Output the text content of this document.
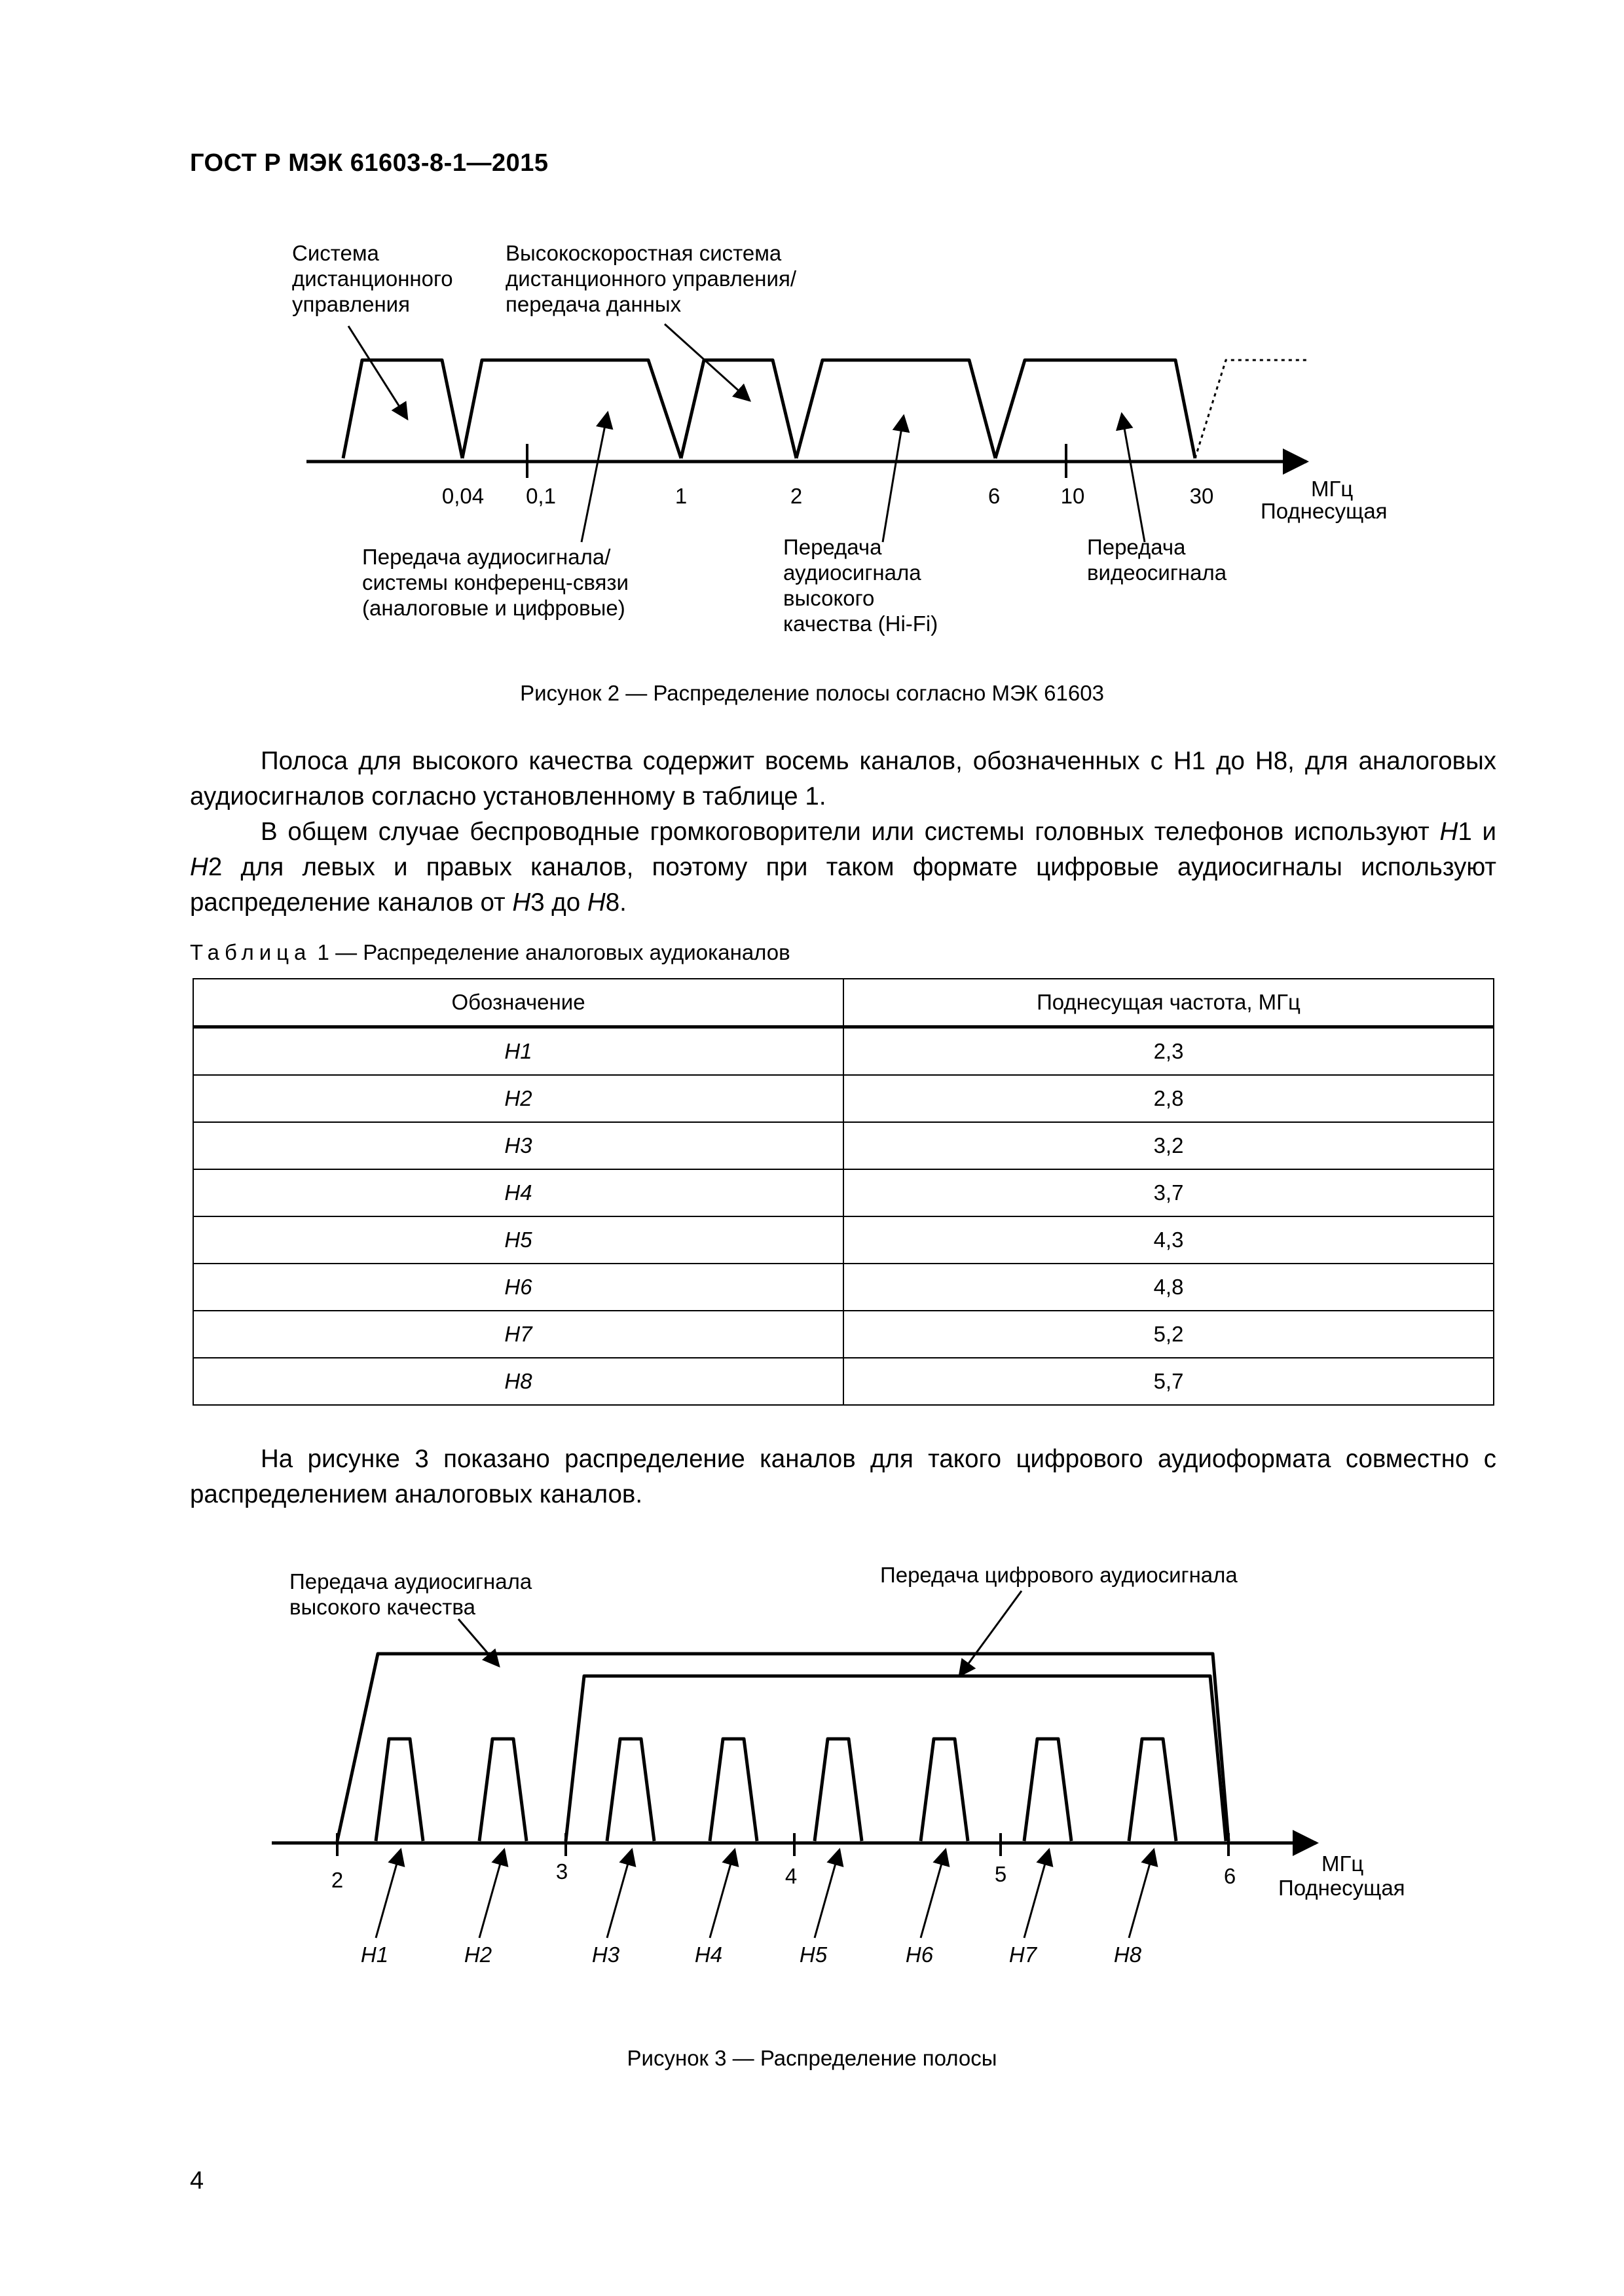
ГОСТ Р МЭК 61603-8-1—2015
Система
дистанционного
управления
Высокоскоростная система
дистанционного управления/
передача данных
0,04 0,1	1	2	6	10	30	МГц
Поднесущая
Передача аудиосигнала/
системы конференц-связи
(аналоговые и цифровые)
Передача
аудиосигнала
высокого
качества (Hi-Fi)
Передача
видеосигнала
Рисунок 2 — Распределение полосы согласно МЭК 61603

Полоса для высокого качества содержит восемь каналов, обозначенных с H1 до H8, для аналоговых аудиосигналов согласно установленному в таблице 1.

В общем случае беспроводные громкоговорители или системы головных телефонов используют H1 и H2 для левых и правых каналов, поэтому при таком формате цифровые аудиосигналы используют распределение каналов от H3 до H8.

Таблица 1 — Распределение аналоговых аудиоканалов
Обозначение	Поднесущая частота, МГц
H1	2,3
H2	2,8
H3	3,2
H4	3,7
H5	4,3
H6	4,8
H7	5,2
H8	5,7

На рисунке 3 показано распределение каналов для такого цифрового аудиоформата совместно с распределением аналоговых каналов.

Передача аудиосигнала
высокого качества
Передача цифрового аудиосигнала
2	3	4	5	6
МГц
Поднесущая
H1	H2	H3	H4	H5	H6	H7	H8
Рисунок 3 — Распределение полосы
4
